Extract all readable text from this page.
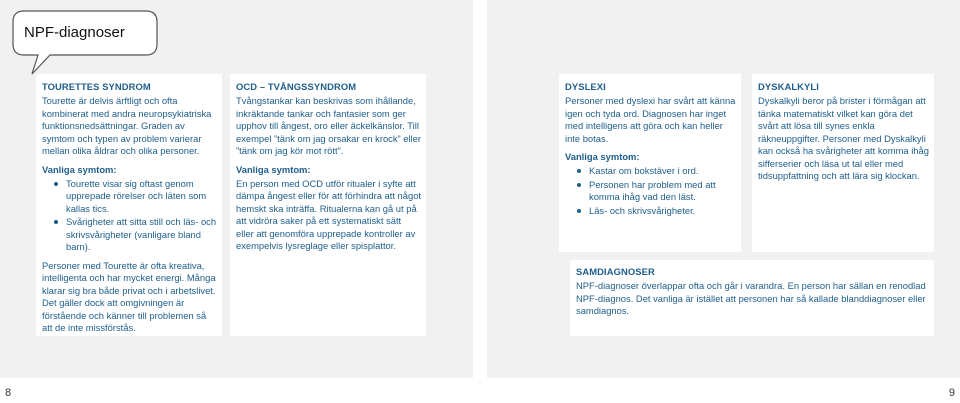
8	9
NPF-diagnoser
TOURETTES SYNDROM

Tourette är delvis ärftligt och ofta kombinerat med andra neuropsykiatriska funktionsnedsättningar. Graden av symtom och typen av problem varierar mellan olika åldrar och olika personer.

Vanliga symtom:
Tourette visar sig oftast genom upprepade rörelser och läten som kallas tics.
Svårigheter att sitta still och läs- och skrivsvårigheter (vanligare bland barn).

Personer med Tourette är ofta kreativa, intelligenta och har mycket energi. Många klarar sig bra både privat och i arbetslivet. Det gäller dock att omgivningen är förstående och känner till problemen så att de inte missförstås.

OCD – TVÅNGSSYNDROM

Tvångstankar kan beskrivas som ihållande, inkräktande tankar och fantasier som ger upphov till ångest, oro eller äckelkänslor. Till exempel ”tänk om jag orsakar en krock” eller ”tänk om jag kör mot rött”.

Vanliga symtom:

En person med OCD utför ritualer i syfte att dämpa ångest eller för att förhindra att något hemskt ska inträffa. Ritualerna kan gå ut på att vidröra saker på ett systematiskt sätt eller att genomföra upprepade kontroller av exempelvis lysreglage eller spisplattor.

DYSLEXI

Personer med dyslexi har svårt att känna igen och tyda ord. Diagnosen har inget med intelligens att göra och kan heller inte botas.

Vanliga symtom:
Kastar om bokstäver i ord.
Personen har problem med att komma ihåg vad den läst.
Läs- och skrivsvårigheter.
DYSKALKYLI

Dyskalkyli beror på brister i förmågan att tänka matematiskt vilket kan göra det svårt att lösa till synes enkla räkneuppgifter. Personer med Dyskalkyli kan också ha svårigheter att komma ihåg sifferserier och läsa ut tal eller med tidsuppfattning och att lära sig klockan.

SAMDIAGNOSER

NPF-diagnoser överlappar ofta och går i varandra. En person har sällan en renodlad NPF-diagnos. Det vanliga är istället att personen har så kallade blanddiagnoser eller samdiagnos.
